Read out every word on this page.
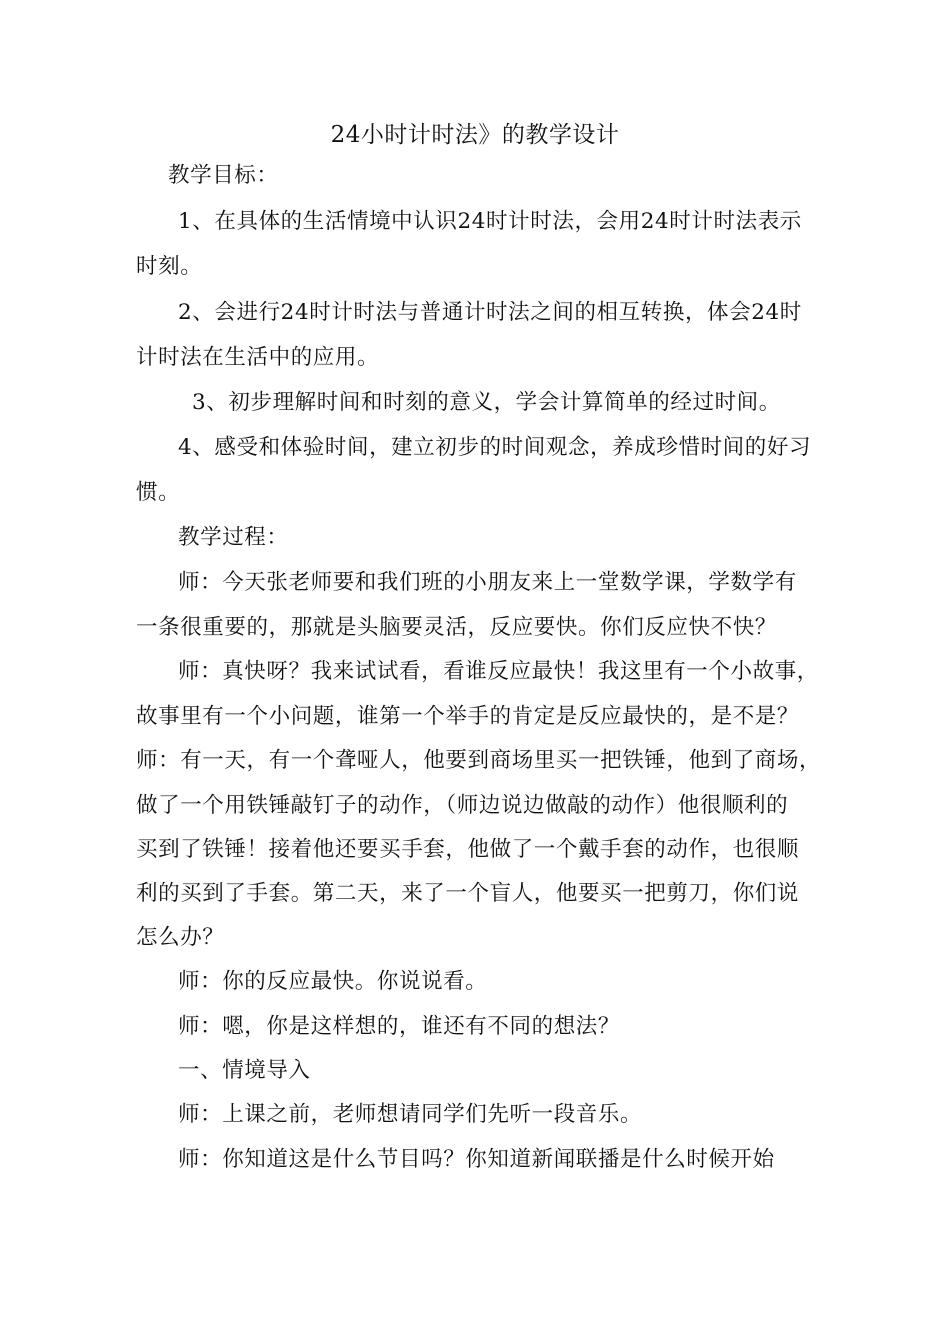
24小时计时法》的教学设计
教学目标：
1、在具体的生活情境中认识24时计时法，会用24时计时法表示
时刻。
2、会进行24时计时法与普通计时法之间的相互转换，体会24时
计时法在生活中的应用。
3、初步理解时间和时刻的意义，学会计算简单的经过时间。
4、感受和体验时间，建立初步的时间观念，养成珍惜时间的好习
惯。
教学过程：
师：今天张老师要和我们班的小朋友来上一堂数学课，学数学有
一条很重要的，那就是头脑要灵活，反应要快。你们反应快不快？
师：真快呀？我来试试看，看谁反应最快！我这里有一个小故事，
故事里有一个小问题，谁第一个举手的肯定是反应最快的，是不是？
师：有一天，有一个聋哑人，他要到商场里买一把铁锤，他到了商场，
做了一个用铁锤敲钉子的动作，（师边说边做敲的动作）他很顺利的
买到了铁锤！接着他还要买手套，他做了一个戴手套的动作，也很顺
利的买到了手套。第二天，来了一个盲人，他要买一把剪刀，你们说
怎么办？
师：你的反应最快。你说说看。
师：嗯，你是这样想的，谁还有不同的想法？
一、情境导入
师：上课之前，老师想请同学们先听一段音乐。
师：你知道这是什么节目吗？你知道新闻联播是什么时候开始
